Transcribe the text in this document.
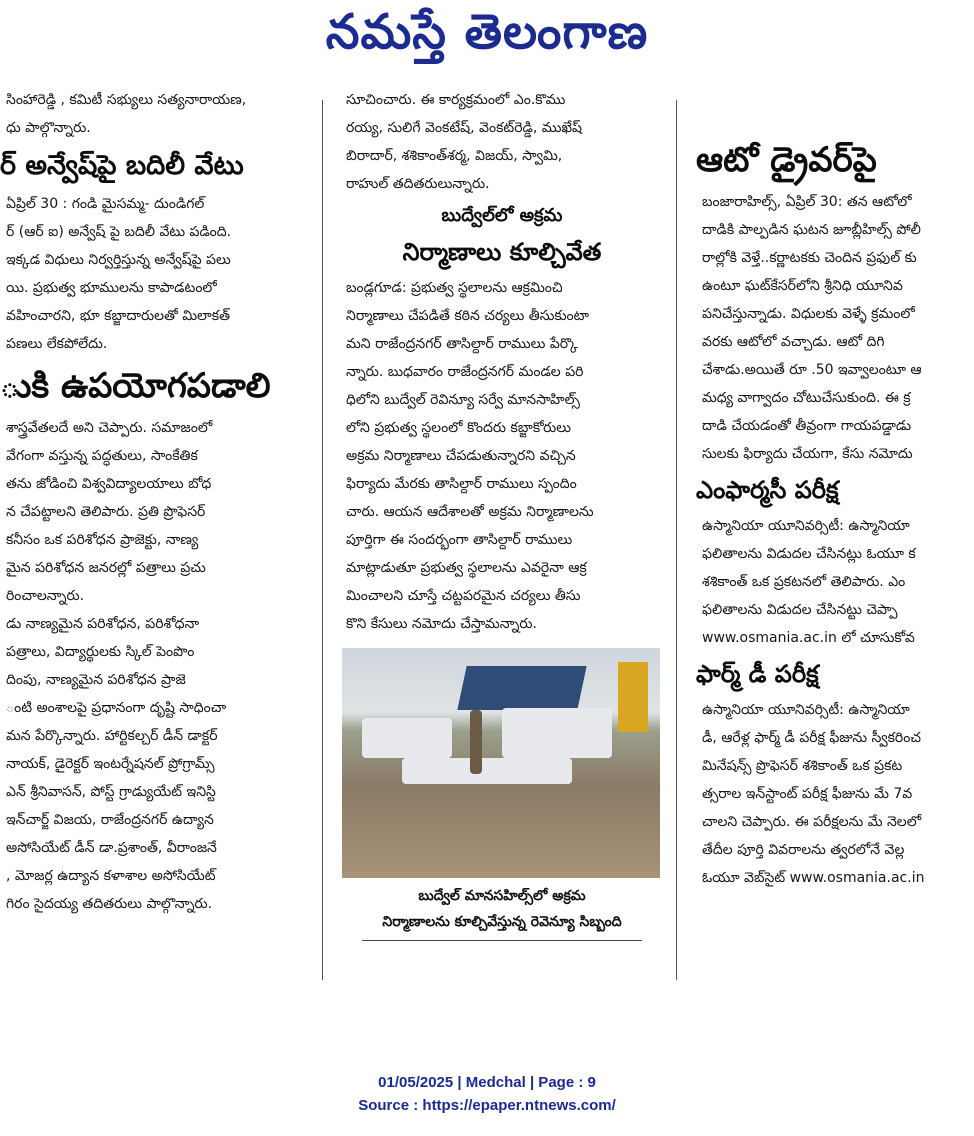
నమస్తే తెలంగాణ

సింహారెడ్డి , కమిటీ సభ్యులు సత్యనారాయణ,

ధు పాల్గొన్నారు.

ర్ అన్వేష్‌పై బదిలీ వేటు

ఏప్రిల్ 30 : గండి మైసమ్మ- దుండిగల్

ర్ (ఆర్ ఐ) అన్వేష్ పై బదిలీ వేటు పడింది.

ఇక్కడ విధులు నిర్వర్తిస్తున్న అన్వేష్‌పై పలు

యి. ప్రభుత్వ భూములను కాపాడటంలో

వహించారని, భూ కబ్జాదారులతో మిలాకత్

పణలు లేకపోలేదు.

ుకి ఉపయోగపడాలి

శాస్త్రవేతలదే అని చెప్పారు. సమాజంలో

వేగంగా వస్తున్న పద్ధతులు, సాంకేతిక

తను జోడించి విశ్వవిద్యాలయాలు బోధ

న చేపట్టాలని తెలిపారు. ప్రతి ప్రొఫెసర్

కనీసం ఒక పరిశోధన ప్రాజెక్టు, నాణ్య

మైన పరిశోధన జనరల్లో పత్రాలు ప్రచు

రించాలన్నారు.

డు నాణ్యమైన పరిశోధన, పరిశోధనా

పత్రాలు, విద్యార్థులకు స్కిల్ పెంపొం

దింపు, నాణ్యమైన పరిశోధన ప్రాజె

ంటి అంశాలపై ప్రధానంగా దృష్టి సాధించా

మన పేర్కొన్నారు. హార్టికల్చర్ డీన్ డాక్టర్

నాయక్, డైరెక్టర్ ఇంటర్నేషనల్ ప్రోగ్రామ్స్

ఎన్ శ్రీనివాసన్, పోస్ట్ గ్రాడ్యుయేట్ ఇనిస్టి

ఇన్‌చార్జ్ విజయ, రాజేంద్రనగర్ ఉద్యాన

అసోసియేట్ డీన్ డా.ప్రశాంత్, వీరాంజనే

, మోజర్ల ఉద్యాన కళాశాల అసోసియేట్

గిరం సైదయ్య తదితరులు పాల్గొన్నారు.

సూచించారు. ఈ కార్యక్రమంలో ఎం.కొము

రయ్య, సులిగే వెంకటేష్, వెంకట్‌రెడ్డి, ముఖేష్

బిరాదార్, శశికాంత్‌శర్మ, విజయ్, స్వామి,

రాహుల్ తదితరులున్నారు.

బుద్వేల్‌లో అక్రమ
నిర్మాణాలు కూల్చివేత

బండ్లగూడ: ప్రభుత్వ స్థలాలను ఆక్రమించి

నిర్మాణాలు చేపడితే కఠిన చర్యలు తీసుకుంటా

మని రాజేంద్రనగర్ తాసిల్దార్ రాములు పేర్కొ

న్నారు. బుధవారం రాజేంద్రనగర్ మండల పరి

ధిలోని బుద్వేల్ రెవిన్యూ సర్వే మానసాహిల్స్

లోని ప్రభుత్వ స్థలంలో కొందరు కబ్జాకోరులు

అక్రమ నిర్మాణాలు చేపడుతున్నారని వచ్చిన

ఫిర్యాదు మేరకు తాసిల్దార్ రాములు స్పందిం

చారు. ఆయన ఆదేశాలతో అక్రమ నిర్మాణాలను

పూర్తిగా ఈ సందర్భంగా తాసిల్దార్ రాములు

మాట్లాడుతూ ప్రభుత్వ స్థలాలను ఎవరైనా ఆక్ర

మించాలని చూస్తే చట్టపరమైన చర్యలు తీసు

కొని కేసులు నమోదు చేస్తామన్నారు.

బుద్వేల్ మానసహిల్స్‌లో అక్రమ
నిర్మాణాలను కూల్చివేస్తున్న రెవెన్యూ సిబ్బంది
ఆటో డ్రైవర్‌పై

బంజారాహిల్స్, ఏప్రిల్ 30: తన ఆటోలో

దాడికి పాల్పడిన ఘటన జూబ్లీహిల్స్ పోలీ

రాల్లోకి వెళ్తే..కర్ణాటకకు చెందిన ప్రఫుల్ కు

ఉంటూ ఘట్‌కేసర్‌లోని శ్రీనిధి యూనివ

పనిచేస్తున్నాడు. విధులకు వెళ్ళే క్రమంలో

వరకు ఆటోలో వచ్చాడు. ఆటో దిగి

చేశాడు.అయితే రూ .50 ఇవ్వాలంటూ ఆ

మధ్య వాగ్వాదం చోటుచేసుకుంది. ఈ క్ర

దాడి చేయడంతో తీవ్రంగా గాయపడ్డాడు

సులకు ఫిర్యాదు చేయగా, కేసు నమోదు

ఎంఫార్మసీ పరీక్ష

ఉస్మానియా యూనివర్సిటీ: ఉస్మానియా

ఫలితాలను విడుదల చేసినట్లు ఓయూ క

శశికాంత్ ఒక ప్రకటనలో తెలిపారు. ఎం

ఫలితాలను విడుదల చేసినట్టు చెప్పా

www.osmania.ac.in లో చూసుకోవ

ఫార్మ్ డీ పరీక్ష

ఉస్మానియా యూనివర్సిటీ: ఉస్మానియా

డీ, ఆరేళ్ల ఫార్మ్ డీ పరీక్ష ఫీజును స్వీకరించ

మినేషన్స్ ప్రొఫెసర్ శశికాంత్ ఒక ప్రకట

త్సరాల ఇన్‌స్టాంట్ పరీక్ష ఫీజును మే 7వ

చాలని చెప్పారు. ఈ పరీక్షలను మే నెలలో

తేదీల పూర్తి వివరాలను త్వరలోనే వెల్ల

ఓయూ వెబ్‌సైట్ www.osmania.ac.in

01/05/2025 | Medchal | Page : 9
Source : https://epaper.ntnews.com/
